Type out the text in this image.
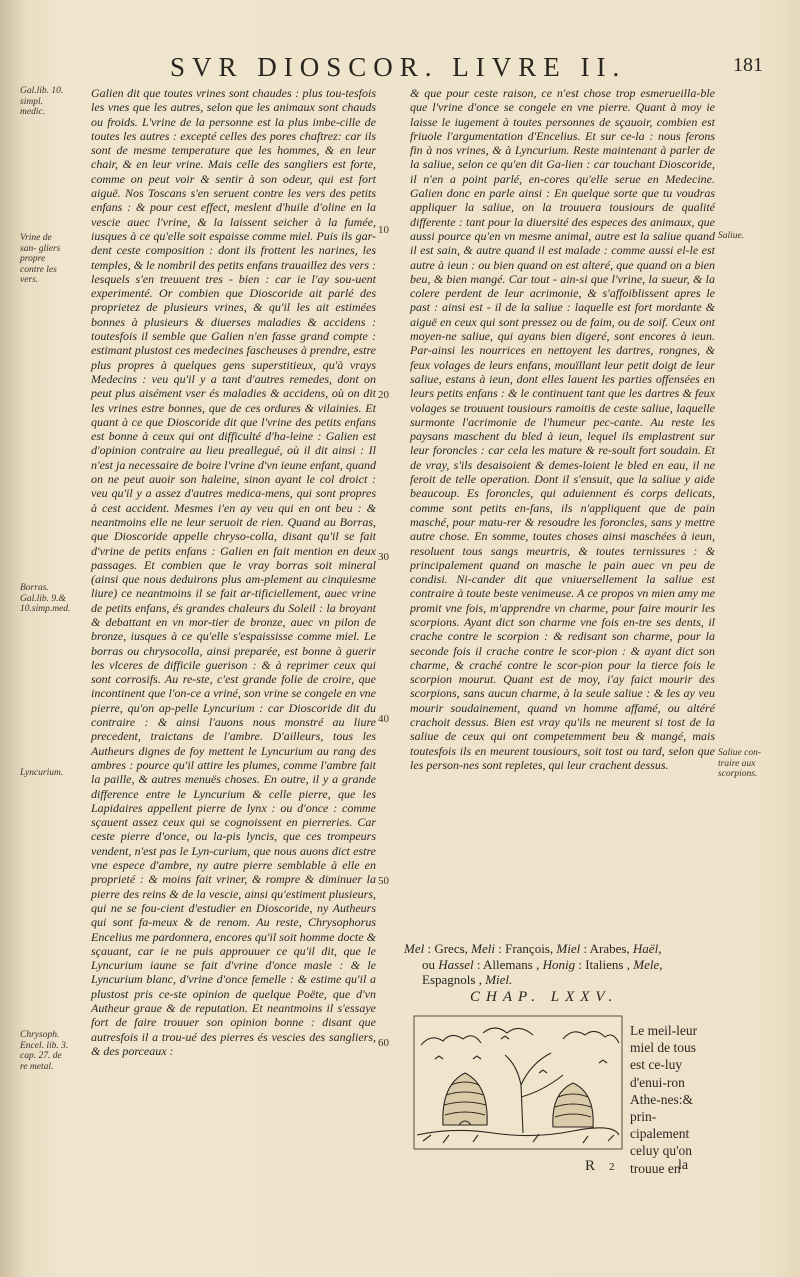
SVR DIOSCOR. LIVRE II.	181
Gal.lib. 10. simpl. medic.
Vrine de san- gliers propre contre les vers.
Borras. Gal.lib. 9.& 10.simp.med.
Lyncurium.
Chrysoph. Encel. lib. 3. cap. 27. de re metal.
Saliue.
Saliue con- traire aux scorpions.
10
20
30
40
50
60

Galien dit que toutes vrines sont chaudes : plus tou-tesfois les vnes que les autres, selon que les animaux sont chauds ou froids. L'vrine de la personne est la plus imbe-cille de toutes les autres : excepté celles des pores chaftrez: car ils sont de mesme temperature que les hommes, & en leur chair, & en leur vrine. Mais celle des sangliers est forte, comme on peut voir & sentir à son odeur, qui est fort aiguë. Nos Toscans s'en seruent contre les vers des petits enfans : & pour cest effect, meslent d'huile d'oline en la vescie auec l'vrine, & la laissent seicher à la fumée, iusques à ce qu'elle soit espaisse comme miel. Puis ils gar-dent ceste composition : dont ils frottent les narines, les temples, & le nombril des petits enfans trauaillez des vers : lesquels s'en treuuent tres - bien : car ie l'ay sou-uent experimenté. Or combien que Dioscoride ait parlé des proprietez de plusieurs vrines, & qu'il les ait estimées bonnes à plusieurs & diuerses maladies & accidens : toutesfois il semble que Galien n'en fasse grand compte : estimant plustost ces medecines fascheuses à prendre, estre plus propres à quelques gens superstitieux, qu'à vrays Medecins : veu qu'il y a tant d'autres remedes, dont on peut plus aisément vser és maladies & accidens, où on dit les vrines estre bonnes, que de ces ordures & vilainies. Et quant à ce que Dioscoride dit que l'vrine des petits enfans est bonne à ceux qui ont difficulté d'ha-leine : Galien est d'opinion contraire au lieu preallegué, où il dit ainsi : Il n'est ja necessaire de boire l'vrine d'vn ieune enfant, quand on ne peut auoir son haleine, sinon ayant le col droict : veu qu'il y a assez d'autres medica-mens, qui sont propres à cest accident. Mesmes i'en ay veu qui en ont beu : & neantmoins elle ne leur seruoit de rien. Quand au Borras, que Dioscoride appelle chryso-colla, disant qu'il se fait d'vrine de petits enfans : Galien en fait mention en deux passages. Et combien que le vray borras soit mineral (ainsi que nous deduirons plus am-plement au cinquiesme liure) ce neantmoins il se fait ar-tificiellement, auec vrine de petits enfans, és grandes chaleurs du Soleil : la broyant & debattant en vn mor-tier de bronze, auec vn pilon de bronze, iusques à ce qu'elle s'espaississe comme miel. Le borras ou chrysocolla, ainsi preparée, est bonne à guerir les vlceres de difficile guerison : & à reprimer ceux qui sont corrosifs. Au re-ste, c'est grande folie de croire, que incontinent que l'on-ce a vriné, son vrine se congele en vne pierre, qu'on ap-pelle Lyncurium : car Dioscoride dit du contraire : & ainsi l'auons nous monstré au liure precedent, traictans de l'ambre. D'ailleurs, tous les Autheurs dignes de foy mettent le Lyncurium au rang des ambres : pource qu'il attire les plumes, comme l'ambre fait la paille, & autres menuës choses. En outre, il y a grande difference entre le Lyncurium & celle pierre, que les Lapidaires appellent pierre de lynx : ou d'once : comme sçauent assez ceux qui se cognoissent en pierreries. Car ceste pierre d'once, ou la-pis lyncis, que ces trompeurs vendent, n'est pas le Lyn-curium, que nous auons dict estre vne espece d'ambre, ny autre pierre semblable à elle en proprieté : & moins fait vriner, & rompre & diminuer la pierre des reins & de la vescie, ainsi qu'estiment plusieurs, qui ne se fou-cient d'estudier en Dioscoride, ny Autheurs qui sont fa-meux & de renom. Au reste, Chrysophorus Encelius me pardonnera, encores qu'il soit homme docte & sçauant, car ie ne puis approuuer ce qu'il dit, que le Lyncurium iaune se fait d'vrine d'once masle : & le Lyncurium blanc, d'vrine d'once femelle : & estime qu'il a plustost pris ce-ste opinion de quelque Poëte, que d'vn Autheur graue & de reputation. Et neantmoins il s'essaye fort de faire trouuer son opinion bonne : disant que autresfois il a trou-ué des pierres és vescies des sangliers, & des porceaux :

& que pour ceste raison, ce n'est chose trop esmerueilla-ble que l'vrine d'once se congele en vne pierre. Quant à moy ie laisse le iugement à toutes personnes de sçauoir, combien est friuole l'argumentation d'Encelius. Et sur ce-la : nous ferons fin à nos vrines, & à Lyncurium. Reste maintenant à parler de la saliue, selon ce qu'en dit Ga-lien : car touchant Dioscoride, il n'en a point parlé, en-cores qu'elle serue en Medecine. Galien donc en parle ainsi : En quelque sorte que tu voudras appliquer la saliue, on la trouuera tousiours de qualité differente : tant pour la diuersité des especes des animaux, que aussi pource qu'en vn mesme animal, autre est la saliue quand il est sain, & autre quand il est malade : comme aussi el-le est autre à ieun : ou bien quand on est alteré, que quand on a bien beu, & bien mangé. Car tout - ain-si que l'vrine, la sueur, & la colere perdent de leur acrimonie, & s'affoiblissent apres le past : ainsi est - il de la saliue : laquelle est fort mordante & aiguë en ceux qui sont pressez ou de faim, ou de soif. Ceux ont moyen-ne saliue, qui ayans bien digeré, sont encores à ieun. Par-ainsi les nourrices en nettoyent les dartres, rongnes, & feux volages de leurs enfans, mouïllant leur petit doigt de leur saliue, estans à ieun, dont elles lauent les parties offensées en leurs petits enfans : & le continuent tant que les dartres & feux volages se trouuent tousiours ramoitis de ceste saliue, laquelle surmonte l'acrimonie de l'humeur pec-cante. Au reste les paysans maschent du bled à ieun, lequel ils emplastrent sur leur foroncles : car cela les mature & re-soult fort soudain. Et de vray, s'ils desaisoient & demes-loient le bled en eau, il ne feroit de telle operation. Dont il s'ensuit, que la saliue y aide beaucoup. Es foroncles, qui aduiennent és corps delicats, comme sont petits en-fans, ils n'appliquent que de pain masché, pour matu-rer & resoudre les foroncles, sans y mettre autre chose. En somme, toutes choses ainsi maschées à ieun, resoluent tous sangs meurtris, & toutes ternissures : & principalement quand on masche le pain auec vn peu de condisi. Ni-cander dit que vniuersellement la saliue est contraire à toute beste venimeuse. A ce propos vn mien amy me promit vne fois, m'apprendre vn charme, pour faire mourir les scorpions. Ayant dict son charme vne fois en-tre ses dents, il crache contre le scorpion : & redisant son charme, pour la seconde fois il crache contre le scor-pion : & ayant dict son charme, & craché contre le scor-pion pour la tierce fois le scorpion mourut. Quant est de moy, i'ay faict mourir des scorpions, sans aucun charme, à la seule saliue : & les ay veu mourir soudainement, quand vn homme affamé, ou altéré crachoit dessus. Bien est vray qu'ils ne meurent si tost de la saliue de ceux qui ont competemment beu & mangé, mais toutesfois ils en meurent tousiours, soit tost ou tard, selon que les person-nes sont repletes, qui leur crachent dessus.

Mel : Grecs, Meli : François, Miel : Arabes, Haël,
ou Hassel : Allemans , Honig : Italiens , Mele,
Espagnols , Miel.
CHAP. LXXV.
Le meil-leur miel de tous est ce-luy d'enui-ron Athe-nes:& prin-cipalement celuy qu'on trouue en
R 2	la
